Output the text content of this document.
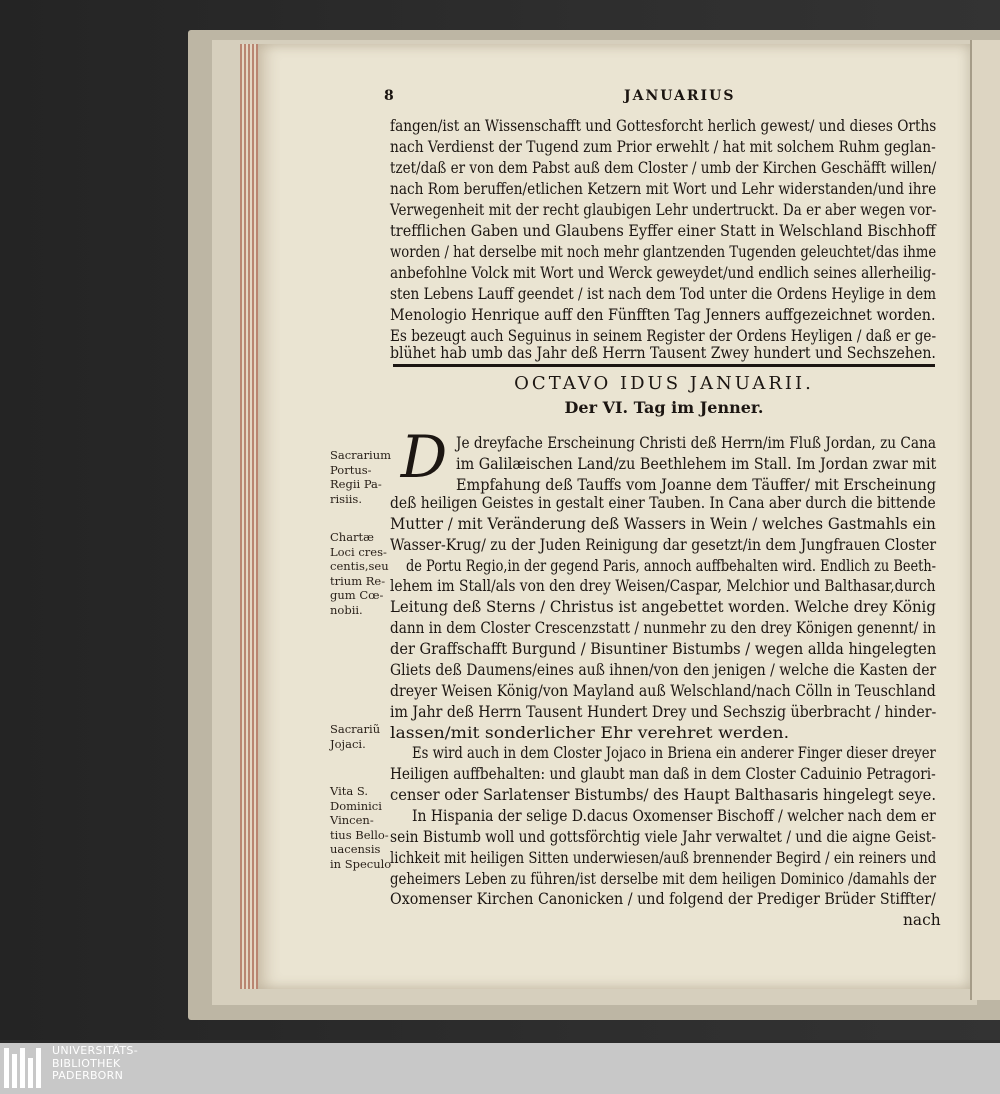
8	JANUARIUS
fangen/ist an Wissenschafft und Gottesforcht herlich gewest/ und dieses Orths
nach Verdienst der Tugend zum Prior erwehlt / hat mit solchem Ruhm geglan-
tzet/daß er von dem Pabst auß dem Closter / umb der Kirchen Geschäfft willen/
nach Rom beruffen/etlichen Ketzern mit Wort und Lehr widerstanden/und ihre
Verwegenheit mit der recht glaubigen Lehr undertruckt. Da er aber wegen vor-
trefflichen Gaben und Glaubens Eyffer einer Statt in Welschland Bischhoff
worden / hat derselbe mit noch mehr glantzenden Tugenden geleuchtet/das ihme
anbefohlne Volck mit Wort und Werck geweydet/und endlich seines allerheilig-
sten Lebens Lauff geendet / ist nach dem Tod unter die Ordens Heylige in dem
Menologio Henrique auff den Fünfften Tag Jenners auffgezeichnet worden.
Es bezeugt auch Seguinus in seinem Register der Ordens Heyligen / daß er ge-
blühet hab umb das Jahr deß Herrn Tausent Zwey hundert und Sechszehen.
OCTAVO IDUS JANUARII.
Der VI. Tag im Jenner.
D Je dreyfache Erscheinung Christi deß Herrn/im Fluß Jordan, zu Cana
im Galilæischen Land/zu Beethlehem im Stall. Im Jordan zwar mit
Empfahung deß Tauffs vom Joanne dem Täuffer/ mit Erscheinung
deß heiligen Geistes in gestalt einer Tauben. In Cana aber durch die bittende
Mutter / mit Veränderung deß Wassers in Wein / welches Gastmahls ein
Wasser-Krug/ zu der Juden Reinigung dar gesetzt/in dem Jungfrauen Closter
de Portu Regio,in der gegend Paris, annoch auffbehalten wird. Endlich zu Beeth-
lehem im Stall/als von den drey Weisen/Caspar, Melchior und Balthasar,durch
Leitung deß Sterns / Christus ist angebettet worden. Welche drey König
dann in dem Closter Crescenzstatt / nunmehr zu den drey Königen genennt/ in
der Graffschafft Burgund / Bisuntiner Bistumbs / wegen allda hingelegten
Gliets deß Daumens/eines auß ihnen/von den jenigen / welche die Kasten der
dreyer Weisen König/von Mayland auß Welschland/nach Cölln in Teuschland
im Jahr deß Herrn Tausent Hundert Drey und Sechszig überbracht / hinder-
lassen/mit sonderlicher Ehr verehret werden.
Es wird auch in dem Closter Jojaco in Briena ein anderer Finger dieser dreyer
Heiligen auffbehalten: und glaubt man daß in dem Closter Caduinio Petragori-
censer oder Sarlatenser Bistumbs/ des Haupt Balthasaris hingelegt seye.
In Hispania der selige D.dacus Oxomenser Bischoff / welcher nach dem er
sein Bistumb woll und gottsförchtig viele Jahr verwaltet / und die aigne Geist-
lichkeit mit heiligen Sitten underwiesen/auß brennender Begird / ein reiners und
geheimers Leben zu führen/ist derselbe mit dem heiligen Dominico /damahls der
Oxomenser Kirchen Canonicken / und folgend der Prediger Brüder Stiffter/
nach
Sacrarium
Portus-
Regii Pa-
risiis.
Chartæ
Loci cres-
centis,seu
trium Re-
gum Cœ-
nobii.
Sacrariũ
Jojaci.
Vita S.
Dominici
Vincen-
tius Bello-
uacensis
in Speculo
UNIVERSITÄTS-
BIBLIOTHEK
PADERBORN
